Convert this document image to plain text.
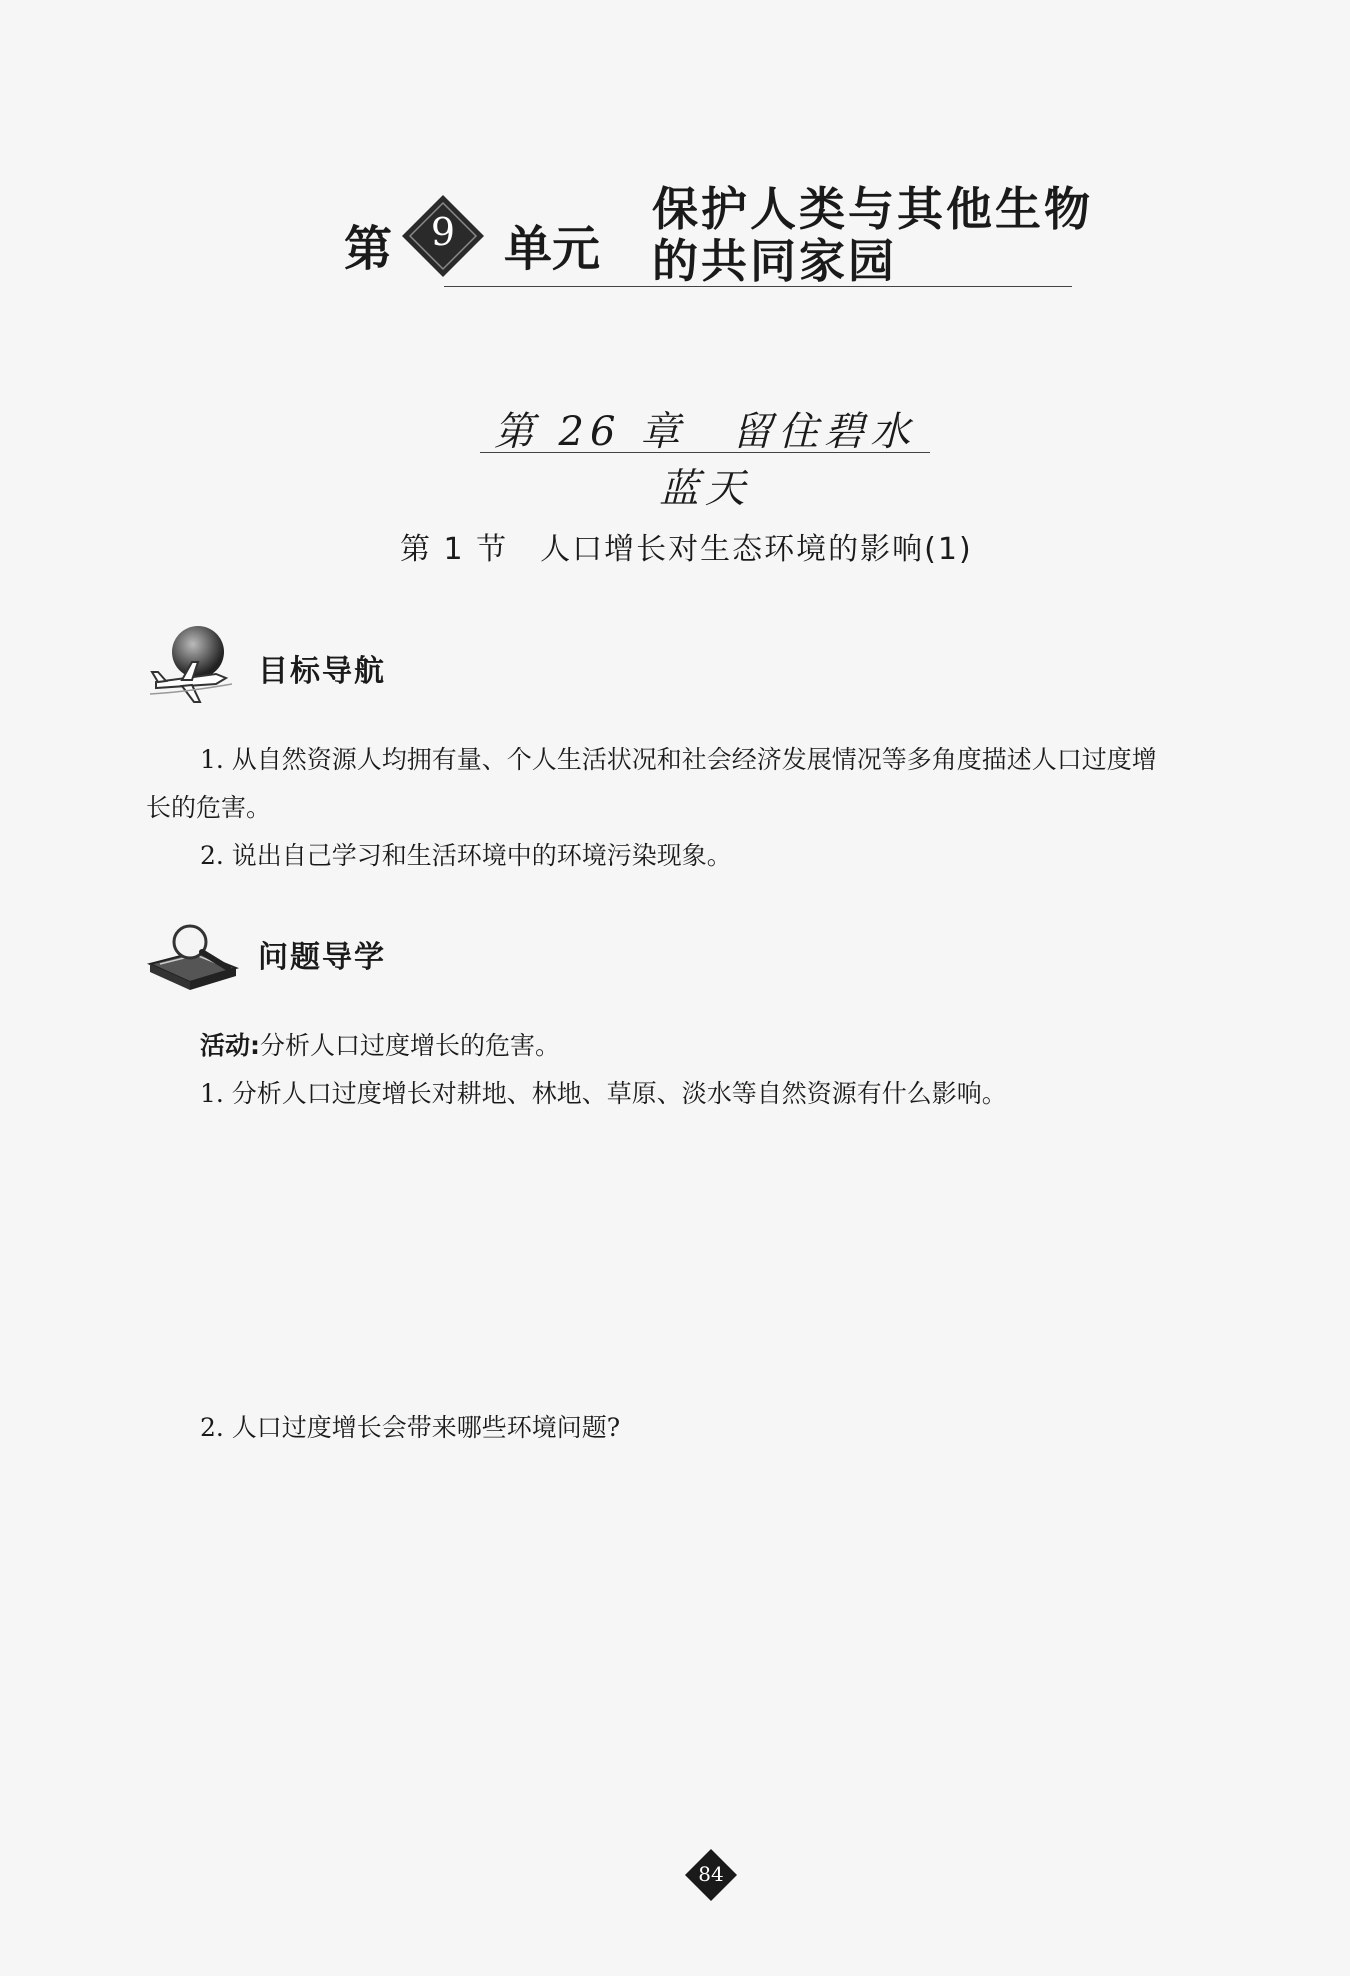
第	9	单元
保护人类与其他生物
的共同家园
第 26 章　留住碧水蓝天
第 1 节　人口增长对生态环境的影响(1)
目标导航
1. 从自然资源人均拥有量、个人生活状况和社会经济发展情况等多角度描述人口过度增
长的危害。
2. 说出自己学习和生活环境中的环境污染现象。
问题导学
活动:分析人口过度增长的危害。
1. 分析人口过度增长对耕地、林地、草原、淡水等自然资源有什么影响。
2. 人口过度增长会带来哪些环境问题?
84
